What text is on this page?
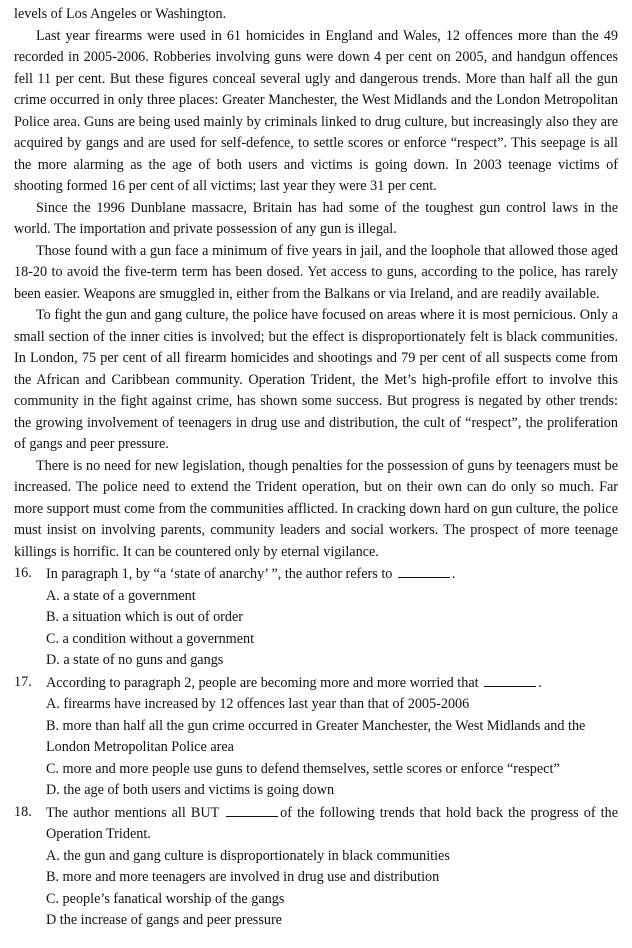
levels of Los Angeles or Washington.

Last year firearms were used in 61 homicides in England and Wales, 12 offences more than the 49 recorded in 2005-2006. Robberies involving guns were down 4 per cent on 2005, and handgun offences fell 11 per cent. But these figures conceal several ugly and dangerous trends. More than half all the gun crime occurred in only three places: Greater Manchester, the West Midlands and the London Metropolitan Police area. Guns are being used mainly by criminals linked to drug culture, but increasingly also they are acquired by gangs and are used for self-defence, to settle scores or enforce “respect”. This seepage is all the more alarming as the age of both users and victims is going down. In 2003 teenage victims of shooting formed 16 per cent of all victims; last year they were 31 per cent.

Since the 1996 Dunblane massacre, Britain has had some of the toughest gun control laws in the world. The importation and private possession of any gun is illegal.

Those found with a gun face a minimum of five years in jail, and the loophole that allowed those aged 18-20 to avoid the five-term term has been dosed. Yet access to guns, according to the police, has rarely been easier. Weapons are smuggled in, either from the Balkans or via Ireland, and are readily available.

To fight the gun and gang culture, the police have focused on areas where it is most pernicious. Only a small section of the inner cities is involved; but the effect is disproportionately felt is black communities. In London, 75 per cent of all firearm homicides and shootings and 79 per cent of all suspects come from the African and Caribbean community. Operation Trident, the Met’s high-profile effort to involve this community in the fight against crime, has shown some success. But progress is negated by other trends: the growing involvement of teenagers in drug use and distribution, the cult of “respect”, the proliferation of gangs and peer pressure.

There is no need for new legislation, though penalties for the possession of guns by teenagers must be increased. The police need to extend the Trident operation, but on their own can do only so much. Far more support must come from the communities afflicted. In cracking down hard on gun culture, the police must insist on involving parents, community leaders and social workers. The prospect of more teenage killings is horrific. It can be countered only by eternal vigilance.

16. In paragraph 1, by “a ‘state of anarchy’ ”, the author refers to	.

A. a state of a government

B. a situation which is out of order

C. a condition without a government

D. a state of no guns and gangs

17. According to paragraph 2, people are becoming more and more worried that	.

A. firearms have increased by 12 offences last year than that of 2005-2006

B. more than half all the gun crime occurred in Greater Manchester, the West Midlands and the London Metropolitan Police area

C. more and more people use guns to defend themselves, settle scores or enforce “respect”

D. the age of both users and victims is going down

18. The author mentions all BUT	of the following trends that hold back the progress of the Operation Trident.

A. the gun and gang culture is disproportionately in black communities

B. more and more teenagers are involved in drug use and distribution

C. people’s fanatical worship of the gangs

D the increase of gangs and peer pressure
